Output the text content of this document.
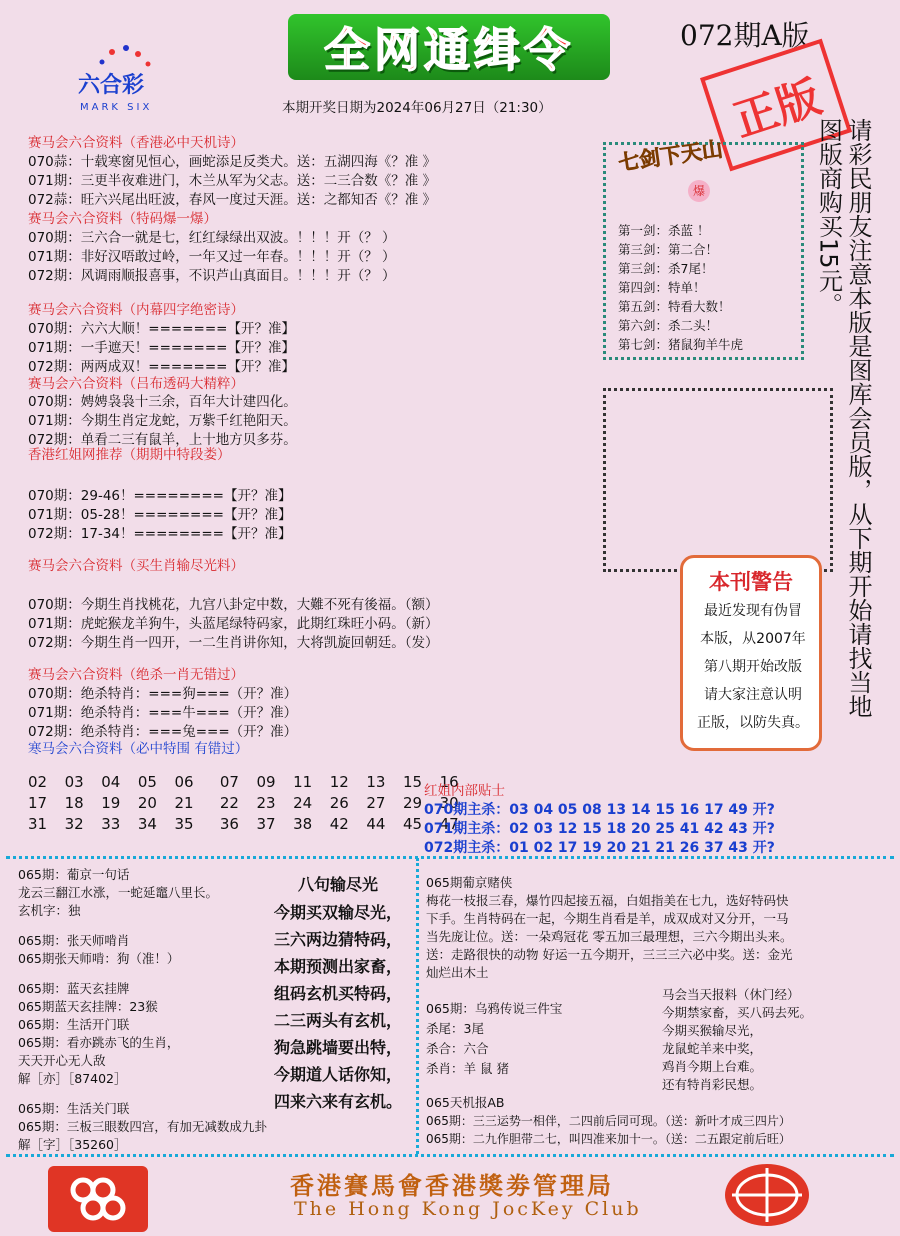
六合彩
MARK SIX
全网通缉令	072期A版
本期开奖日期为2024年06月27日（21:30）	正版
请彩民朋友注意本版是图库会员版，从下期开始请找当地图版商购买15元。
赛马会六合资料（香港必中天机诗）
070蒜：十载寒窗见恒心，画蛇添足反类犬。送：五湖四海《？准 》
071期：三更半夜难进门，木兰从军为父志。送：二三合数《？准 》
072蒜：旺六兴尾出旺波，春风一度过天涯。送：之都知否《？准 》
赛马会六合资料（特码爆一爆）
070期：三六合一就是七，红红绿绿出双波。！！！开（？ ）
071期：非好汉唔敢过岭，一年又过一年春。！！！开（？ ）
072期：风调雨顺报喜事，不识芦山真面目。！！！开（？ ）
赛马会六合资料（内幕四字绝密诗）
070期：六六大顺！=======【开？准】
071期：一手遮天！=======【开？准】
072期：两两成双！=======【开？准】
赛马会六合资料（吕布透码大精粹）
070期：娉娉袅袅十三余，百年大计建四化。
071期：今期生肖定龙蛇，万紫千红艳阳天。
072期：单看二三有鼠羊，上十地方贝多芬。
香港红姐网推荐（期期中特段娄）
070期：29-46！========【开？准】
071期：05-28！========【开？准】
072期：17-34！========【开？准】
赛马会六合资料（买生肖输尽光料）
070期：今期生肖找桃花，九宫八卦定中数，大難不死有後福。（额）
071期：虎蛇猴龙羊狗牛，头蓝尾绿特码家，此期红珠旺小码。（新）
072期：今期生肖一四开，一二生肖讲你知，大将凯旋回朝廷。（发）
赛马会六合资料（绝杀一肖无错过）
070期：绝杀特肖：===狗===（开？准）
071期：绝杀特肖：===牛===（开？准）
072期：绝杀特肖：===兔===（开？准）
寒马会六合资料（必中特围 有错过）
02  03  04  05  06   07  09  11  12  13  15  16
17  18  19  20  21   22  23  24  26  27  29  30
31  32  33  34  35   36  37  38  42  44  45  47
七剑下天山
爆
第一剑：杀蓝 ！
第三剑：第二合！
第三剑：杀7尾！
第四剑：特单！
第五剑：特看大数！
第六剑：杀二头！
第七剑：猪鼠狗羊牛虎
本刊警告
最近发现有伪冒
本版，从2007年
第八期开始改版
请大家注意认明
正版，以防失真。
红姐内部贴士
070期主杀：03 04 05 08 13 14 15 16 17 49 开?
071期主杀：02 03 12 15 18 20 25 41 42 43 开?
072期主杀：01 02 17 19 20 21 21 26 37 43 开?
065期：葡京一句话
龙云三翻江水涨，一蛇延竈八里长。
玄机字：独
065期：张天师啃肖
065期张天师啃：狗（准！）
065期：蓝天玄挂牌
065期蓝天玄挂牌：23猴
065期：生活开门联
065期：看亦跳赤飞的生肖，
天天开心无人敌
解［亦］［87402］
065期：生活关门联
065期：三板三眼数四宫，有加无减数成九卦
解［字］［35260］
八句输尽光
今期买双输尽光，
三六两边猜特码，
本期预测出家畜，
组码玄机买特码，
二三两头有玄机，
狗急跳墙要出特，
今期道人话你知，
四来六来有玄机。
065期葡京赌侠
梅花一枝报三春，爆竹四起接五福，白姐指美在七九，选好特码快
下手。生肖特码在一起，今期生肖看是羊，成双成对又分开，一马
当先庞让位。送：一朵鸡冠花 零五加三最理想，三六今期出头来。
送：走路很快的动物 好运一五今期开，三三三六必中奖。送：金光
灿烂出木土
065期：乌鸦传说三件宝
杀尾：3尾
杀合：六合
杀肖：羊 鼠 猪
马会当天报料（休门经）
今期禁家畜，买八码去死。
今期买猴输尽光，
龙鼠蛇羊来中奖，
鸡肖今期上台难。
还有特肖彩民想。
065天机报AB
065期：三三运势一相伴，二四前后同可现。（送：新叶才成三四片）
065期：二九作胆带二七，叫四准来加十一。（送：二五跟定前后旺）
香港賽馬會香港獎劵管理局
The Hong Kong JocKey Club
